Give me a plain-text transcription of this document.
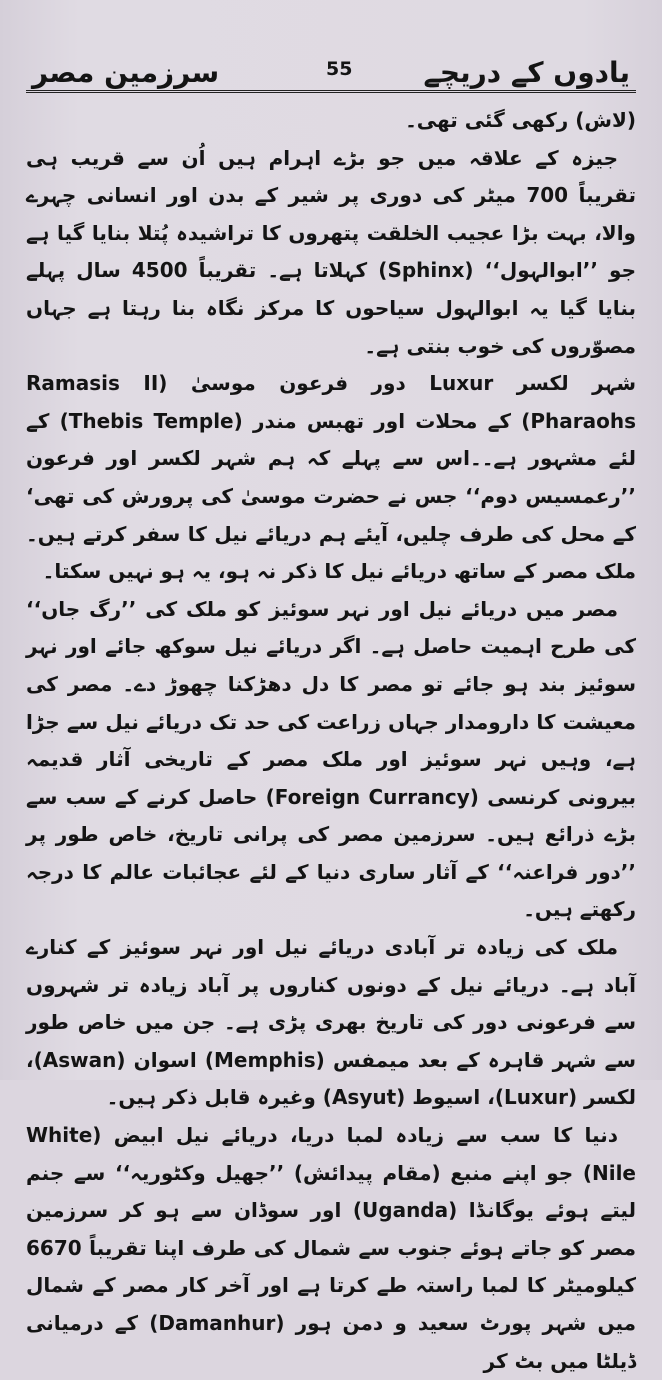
یادوں کے دریچے
55
سرزمین مصر

(لاش) رکھی گئی تھی۔

جیزہ کے علاقہ میں جو بڑے اہرام ہیں اُن سے قریب ہی تقریباً 700 میٹر کی دوری پر شیر کے بدن اور انسانی چہرے والا، بہت بڑا عجیب الخلقت پتھروں کا تراشیدہ پُتلا بنایا گیا ہے جو ’’ابوالہول‘‘ (Sphinx) کہلاتا ہے۔ تقریباً 4500 سال پہلے بنایا گیا یہ ابوالہول سیاحوں کا مرکز نگاہ بنا رہتا ہے جہاں مصوّروں کی خوب بنتی ہے۔

شہر لکسر Luxur دور فرعون موسیٰ (Ramasis II (Pharaohs کے محلات اور تھبس مندر (Thebis Temple) کے لئے مشہور ہے۔۔اس سے پہلے کہ ہم شہر لکسر اور فرعون ’’رعمسیس دوم‘‘ جس نے حضرت موسیٰ کی پرورش کی تھی‘ کے محل کی طرف چلیں، آیئے ہم دریائے نیل کا سفر کرتے ہیں۔ ملک مصر کے ساتھ دریائے نیل کا ذکر نہ ہو، یہ ہو نہیں سکتا۔

مصر میں دریائے نیل اور نہر سوئیز کو ملک کی ’’رگ جاں‘‘ کی طرح اہمیت حاصل ہے۔ اگر دریائے نیل سوکھ جائے اور نہر سوئیز بند ہو جائے تو مصر کا دل دھڑکنا چھوڑ دے۔ مصر کی معیشت کا دارومدار جہاں زراعت کی حد تک دریائے نیل سے جڑا ہے، وہیں نہر سوئیز اور ملک مصر کے تاریخی آثار قدیمہ بیرونی کرنسی (Foreign Currancy) حاصل کرنے کے سب سے بڑے ذرائع ہیں۔ سرزمین مصر کی پرانی تاریخ، خاص طور پر ’’دور فراعنہ‘‘ کے آثار ساری دنیا کے لئے عجائبات عالم کا درجہ رکھتے ہیں۔

ملک کی زیادہ تر آبادی دریائے نیل اور نہر سوئیز کے کنارے آباد ہے۔ دریائے نیل کے دونوں کناروں پر آباد زیادہ تر شہروں سے فرعونی دور کی تاریخ بھری پڑی ہے۔ جن میں خاص طور سے شہر قاہرہ کے بعد میمفس (Memphis) اسوان (Aswan)، لکسر (Luxur)، اسیوط (Asyut) وغیرہ قابل ذکر ہیں۔

دنیا کا سب سے زیادہ لمبا دریا، دریائے نیل ابیض (White Nile) جو اپنے منبع (مقام پیدائش) ’’جھیل وکٹوریہ‘‘ سے جنم لیتے ہوئے یوگانڈا (Uganda) اور سوڈان سے ہو کر سرزمین مصر کو جاتے ہوئے جنوب سے شمال کی طرف اپنا تقریباً 6670 کیلومیٹر کا لمبا راستہ طے کرتا ہے اور آخر کار مصر کے شمال میں شہر پورٹ سعید و دمن ہور (Damanhur) کے درمیانی ڈیلٹا میں بٹ کر
